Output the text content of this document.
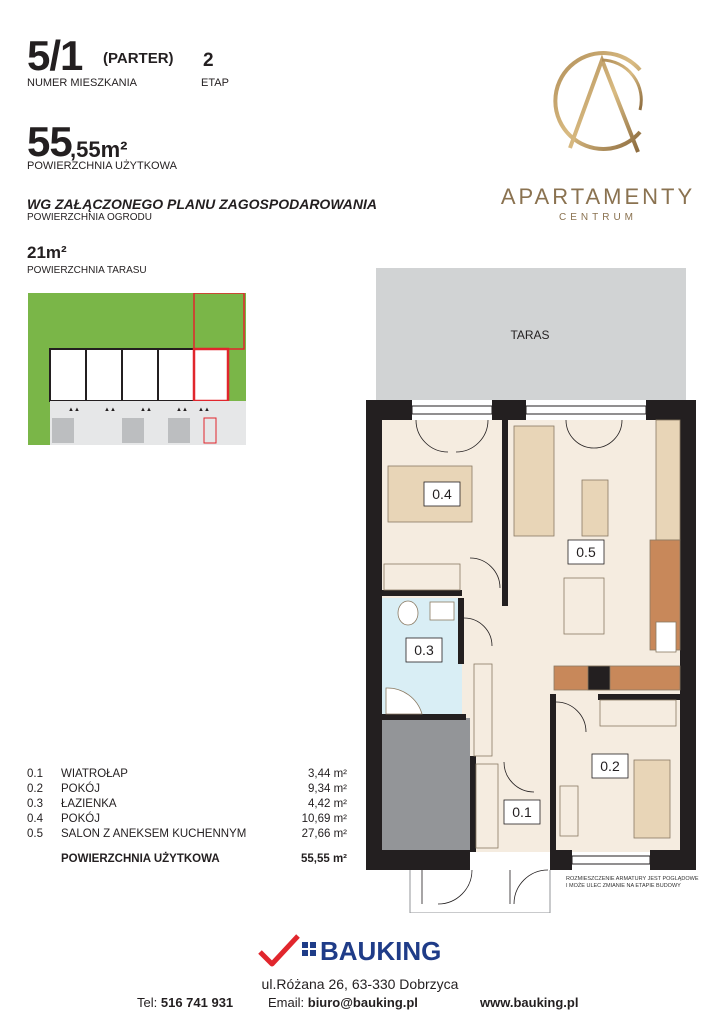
5/1 (PARTER)
NUMER MIESZKANIA
2
ETAP
55
,55m²
POWIERZCHNIA UŻYTKOWA
WG ZAŁĄCZONEGO PLANU ZAGOSPODAROWANIA
POWIERZCHNIA OGRODU
21m²
POWIERZCHNIA TARASU
APARTAMENTY
CENTRUM
▲▲	▲▲	▲▲	▲▲ ▲▲
TARAS
0.4
0.5
0.3
0.2
0.1
0.1 WIATROŁAP	3,44 m²
0.2 POKÓJ	9,34 m²
0.3 ŁAZIENKA	4,42 m²
0.4 POKÓJ	10,69 m²
0.5 SALON Z ANEKSEM KUCHENNYM	27,66 m²
POWIERZCHNIA UŻYTKOWA	55,55 m²
ROZMIESZCZENIE ARMATURY JEST POGLĄDOWE
I MOŻE ULEC ZMIANIE NA ETAPIE BUDOWY
BAUKING
ul.Różana 26, 63-330 Dobrzyca
Tel: 516 741 931	Email: biuro@bauking.pl	www.bauking.pl
